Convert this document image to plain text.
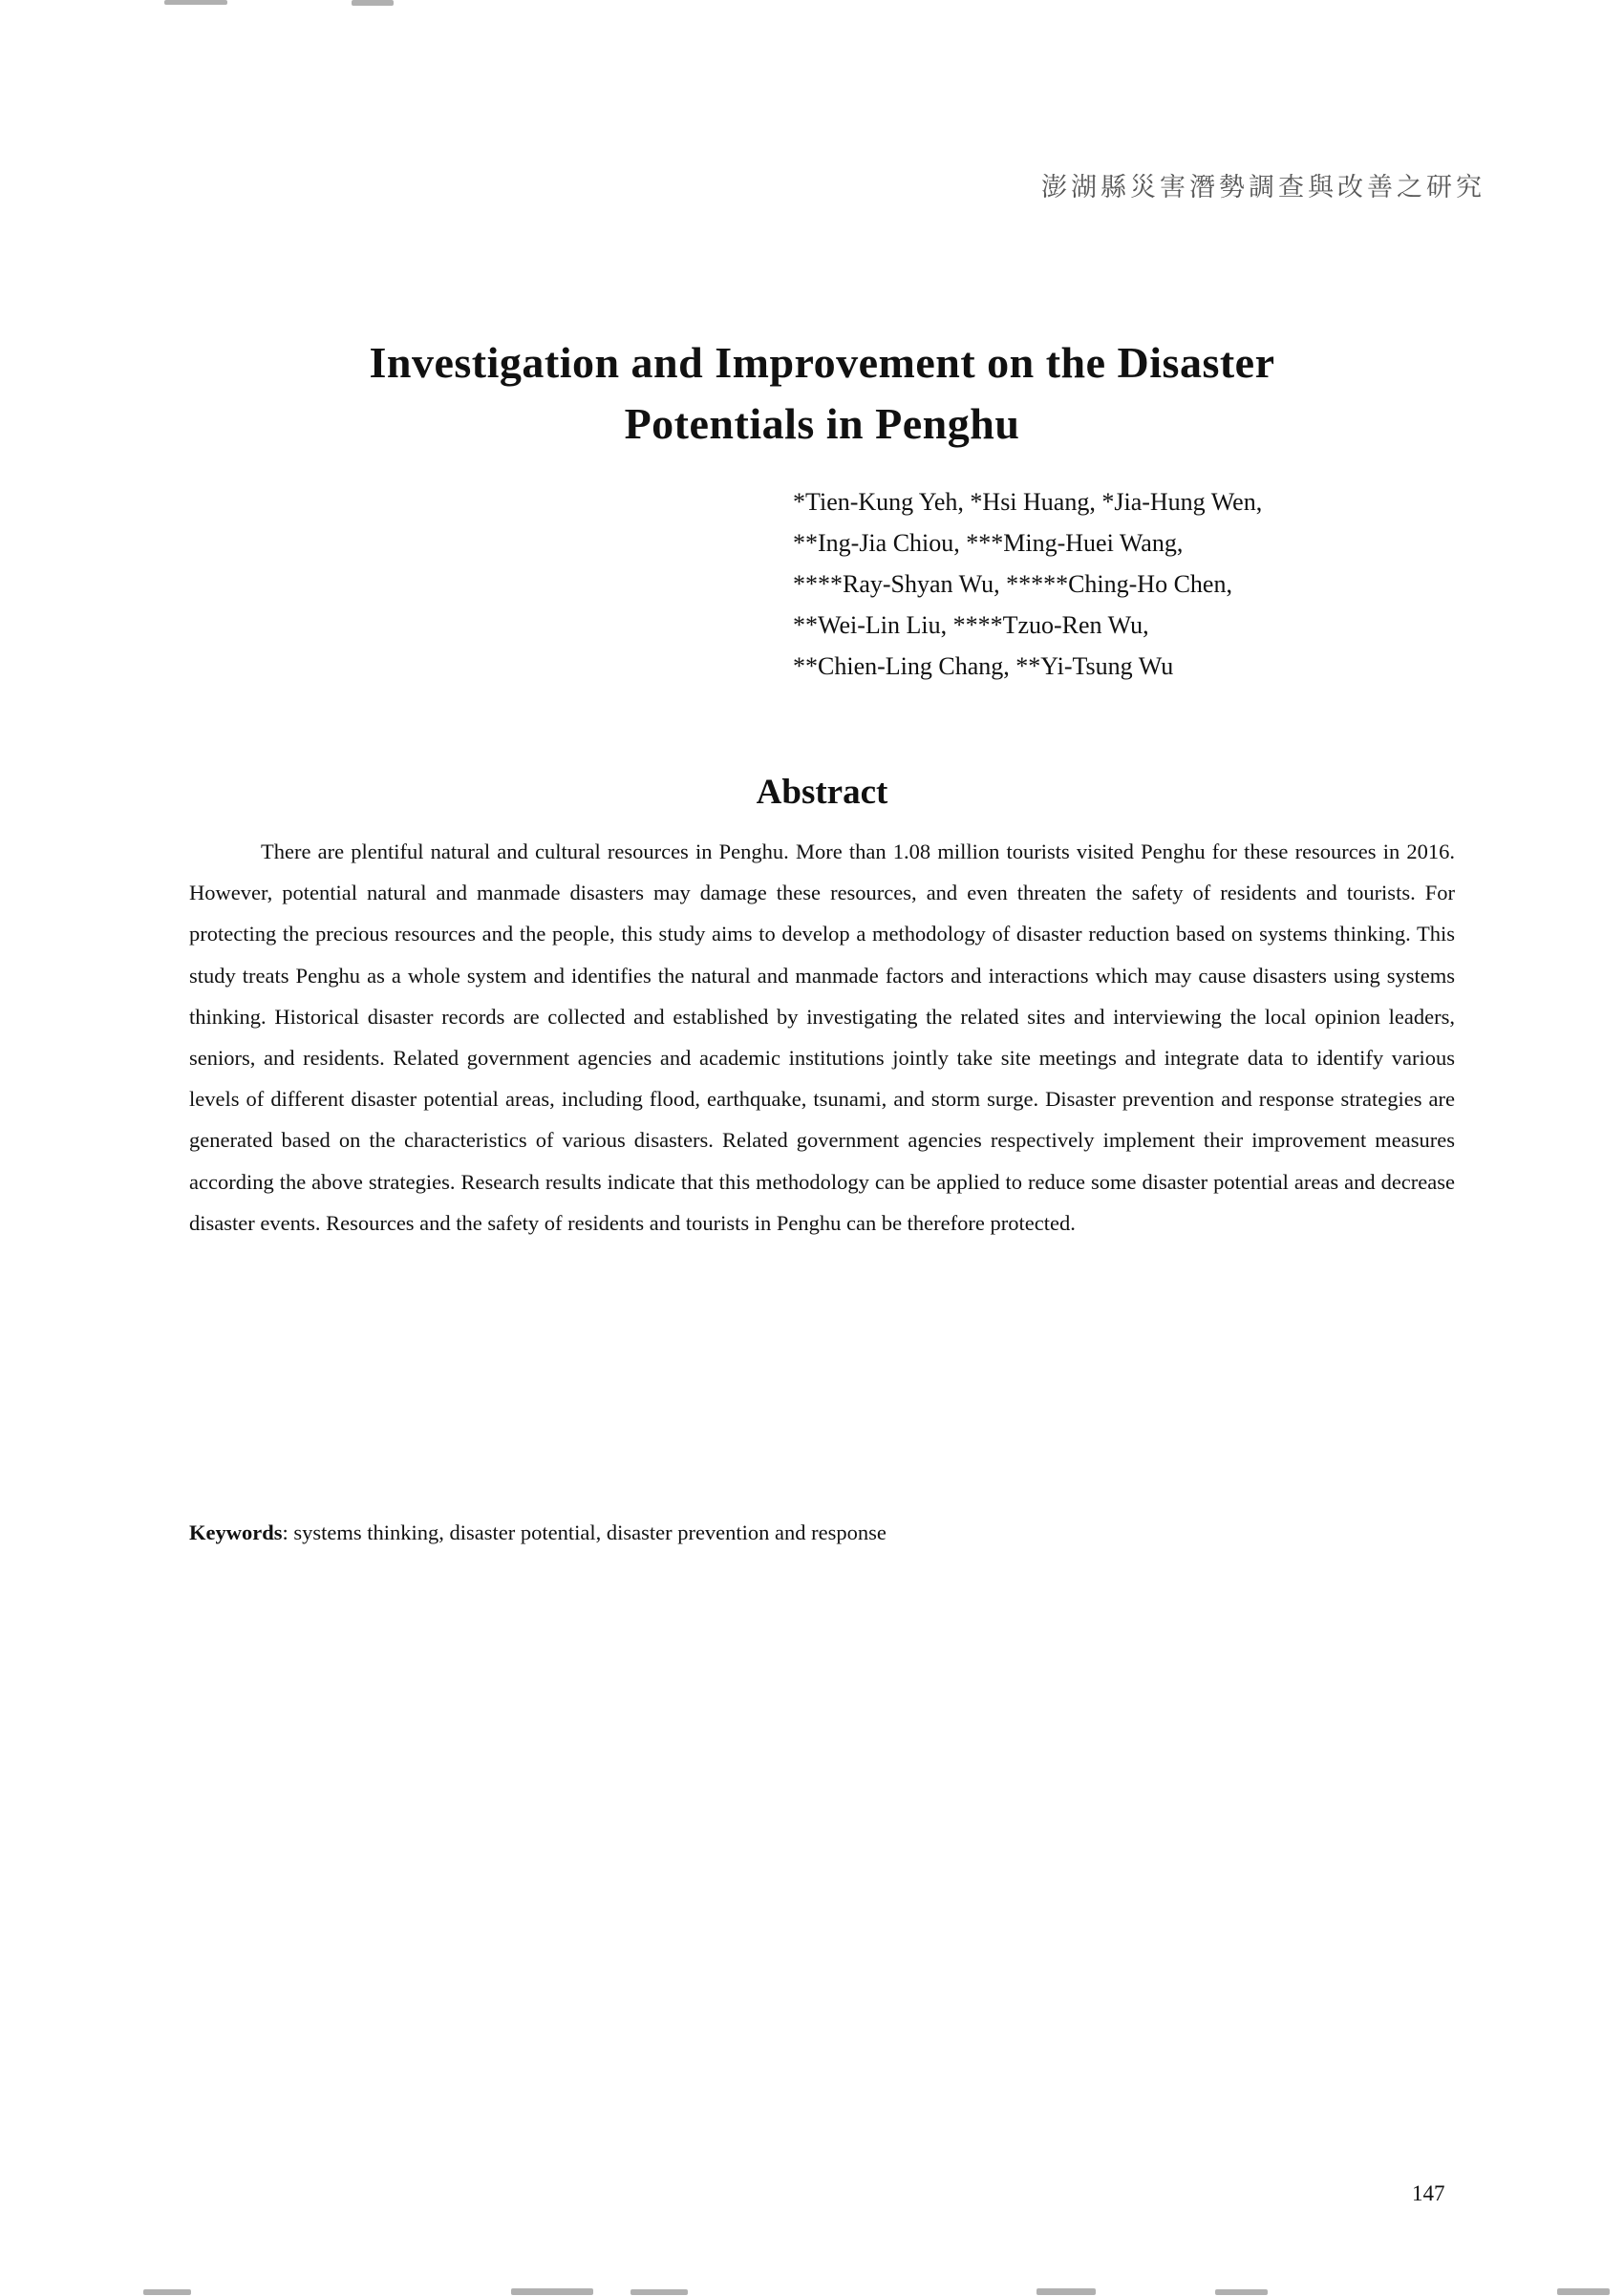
澎湖縣災害潛勢調查與改善之研究
Investigation and Improvement on the Disaster
Potentials in Penghu
*Tien-Kung Yeh, *Hsi Huang, *Jia-Hung Wen,
**Ing-Jia Chiou, ***Ming-Huei Wang,
****Ray-Shyan Wu, *****Ching-Ho Chen,
**Wei-Lin Liu, ****Tzuo-Ren Wu,
**Chien-Ling Chang, **Yi-Tsung Wu
Abstract
There are plentiful natural and cultural resources in Penghu. More than 1.08 million tourists visited Penghu for these resources in 2016. However, potential natural and manmade disasters may damage these resources, and even threaten the safety of residents and tourists. For protecting the precious resources and the people, this study aims to develop a methodology of disaster reduction based on systems thinking. This study treats Penghu as a whole system and identifies the natural and manmade factors and interactions which may cause disasters using systems thinking. Historical disaster records are collected and established by investigating the related sites and interviewing the local opinion leaders, seniors, and residents. Related government agencies and academic institutions jointly take site meetings and integrate data to identify various levels of different disaster potential areas, including flood, earthquake, tsunami, and storm surge. Disaster prevention and response strategies are generated based on the characteristics of various disasters. Related government agencies respectively implement their improvement measures according the above strategies. Research results indicate that this methodology can be applied to reduce some disaster potential areas and decrease disaster events. Resources and the safety of residents and tourists in Penghu can be therefore protected.
Keywords: systems thinking, disaster potential, disaster prevention and response
147
